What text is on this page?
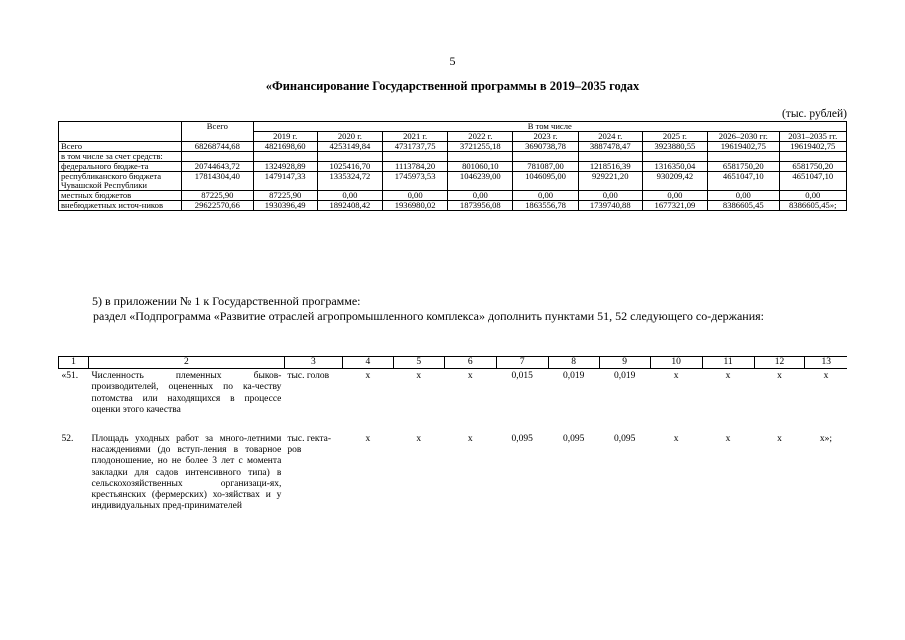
5
«Финансирование Государственной программы в 2019–2035 годах
(тыс. рублей)
	Всего	В том числе								
		2019 г.	2020 г.	2021 г.	2022 г.	2023 г.	2024 г.	2025 г.	2026–2030 гг.	2031–2035 гг.
Всего	68268744,68	4821698,60	4253149,84	4731737,75	3721255,18	3690738,78	3887478,47	3923880,55	19619402,75	19619402,75
в том числе за счет средств:										
федерального бюдже-та	20744643,72	1324928,89	1025416,70	1113784,20	801060,10	781087,00	1218516,39	1316350,04	6581750,20	6581750,20
республиканского бюджета Чувашской Республики	17814304,40	1479147,33	1335324,72	1745973,53	1046239,00	1046095,00	929221,20	930209,42	4651047,10	4651047,10
местных бюджетов	87225,90	87225,90	0,00	0,00	0,00	0,00	0,00	0,00	0,00	0,00
внебюджетных источ-ников	29622570,66	1930396,49	1892408,42	1936980,02	1873956,08	1863556,78	1739740,88	1677321,09	8386605,45	8386605,45»;
5) в приложении № 1 к Государственной программе:
раздел «Подпрограмма «Развитие отраслей агропромышленного комплекса» дополнить пунктами 51, 52 следующего со-держания:
1	2	3	4	5	6	7	8	9	10	11	12	13
«51.	Численность племенных быков-производителей, оцененных по ка-честву потомства или находящихся в процессе оценки этого качества	тыс. голов	x	x	x	0,015	0,019	0,019	x	x	x	x

52.	Площадь уходных работ за много-летними насаждениями (до вступ-ления в товарное плодоношение, но не более 3 лет с момента закладки для садов интенсивного типа) в сельскохозяйственных организаци-ях, крестьянских (фермерских) хо-зяйствах и у индивидуальных пред-принимателей	тыс. гекта-ров	x	x	x	0,095	0,095	0,095	x	x	x	x»;
